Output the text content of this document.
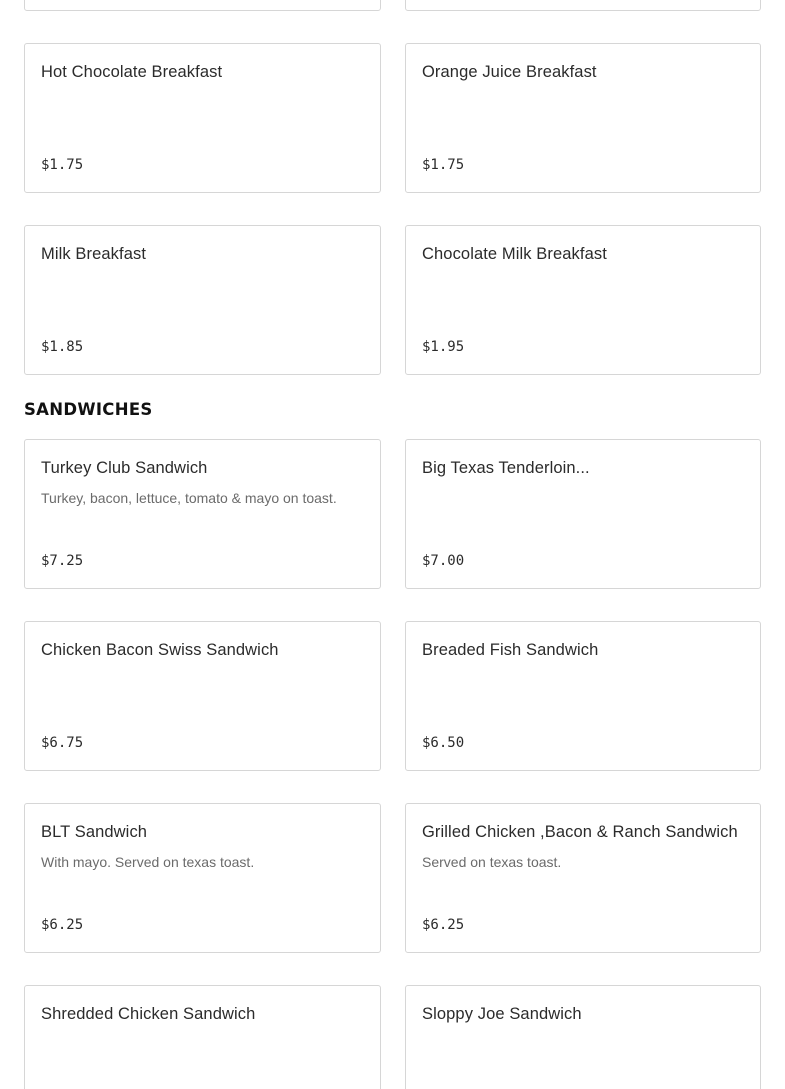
Hot Chocolate Breakfast
$1.75
Orange Juice Breakfast
$1.75
Milk Breakfast
$1.85
Chocolate Milk Breakfast
$1.95
SANDWICHES
Turkey Club Sandwich
Turkey, bacon, lettuce, tomato & mayo on toast.
$7.25
Big Texas Tenderloin...
$7.00
Chicken Bacon Swiss Sandwich
$6.75
Breaded Fish Sandwich
$6.50
BLT Sandwich
With mayo. Served on texas toast.
$6.25
Grilled Chicken ,Bacon & Ranch Sandwich
Served on texas toast.
$6.25
Shredded Chicken Sandwich	Sloppy Joe Sandwich
